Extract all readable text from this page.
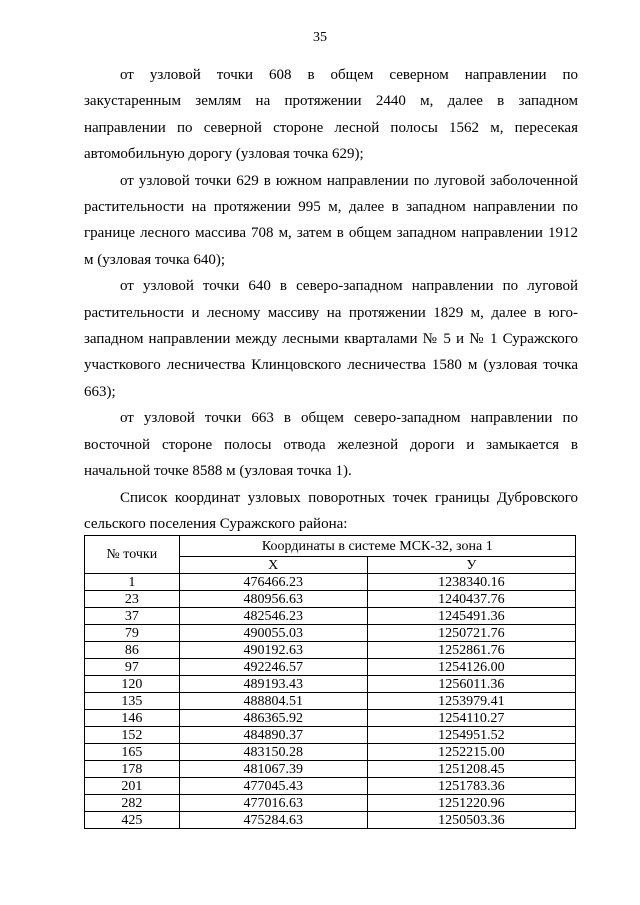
35

от узловой точки 608 в общем северном направлении по закустаренным землям на протяжении 2440 м, далее в западном направлении по северной стороне лесной полосы 1562 м, пересекая автомобильную дорогу (узловая точка 629);

от узловой точки 629 в южном направлении по луговой заболоченной растительности на протяжении 995 м, далее в западном направлении по границе лесного массива 708 м, затем в общем западном направлении 1912 м (узловая точка 640);

от узловой точки 640 в северо-западном направлении по луговой растительности и лесному массиву на протяжении 1829 м, далее в юго-западном направлении между лесными кварталами № 5 и № 1 Суражского участкового лесничества Клинцовского лесничества 1580 м (узловая точка 663);

от узловой точки 663 в общем северо-западном направлении по восточной стороне полосы отвода железной дороги и замыкается в начальной точке 8588 м (узловая точка 1).

Список координат узловых поворотных точек границы Дубровского сельского поселения Суражского района:

№ точки	Координаты в системе МСК-32, зона 1	
	Х	У
1	476466.23	1238340.16
23	480956.63	1240437.76
37	482546.23	1245491.36
79	490055.03	1250721.76
86	490192.63	1252861.76
97	492246.57	1254126.00
120	489193.43	1256011.36
135	488804.51	1253979.41
146	486365.92	1254110.27
152	484890.37	1254951.52
165	483150.28	1252215.00
178	481067.39	1251208.45
201	477045.43	1251783.36
282	477016.63	1251220.96
425	475284.63	1250503.36
